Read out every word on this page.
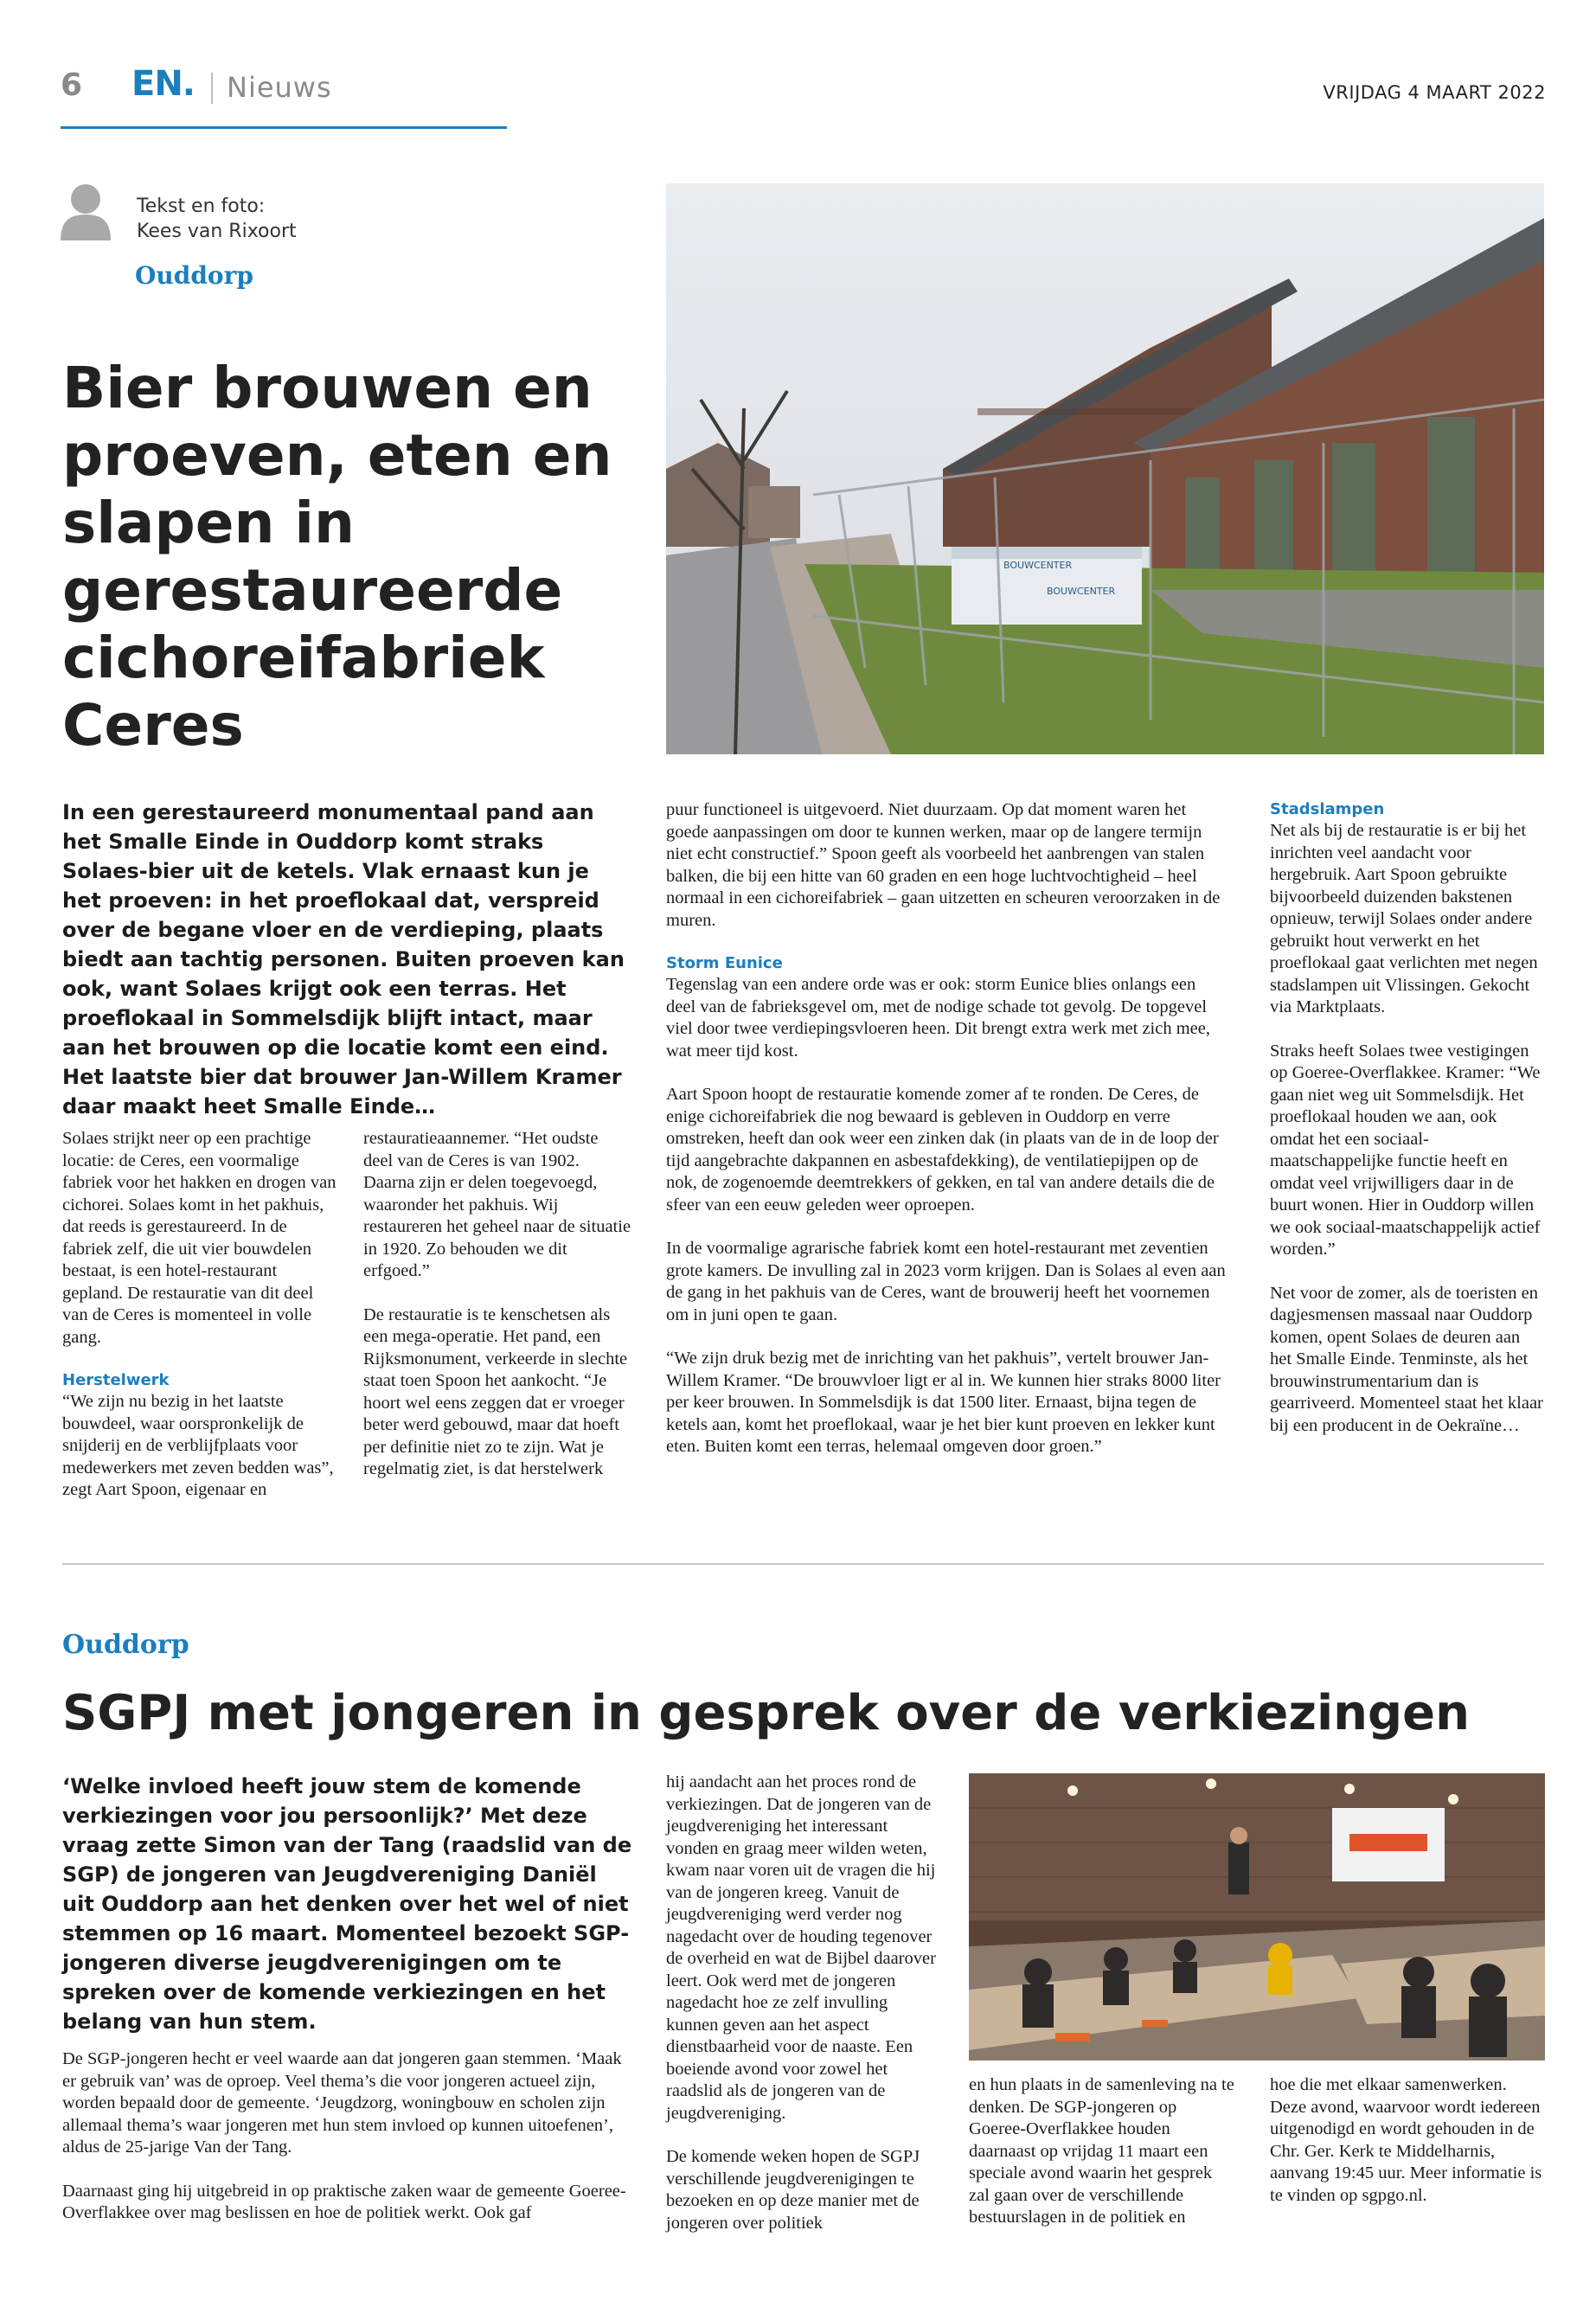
6 EN. Nieuws	VRIJDAG 4 MAART 2022
Tekst en foto:
Kees van Rixoort
Ouddorp
Bier brouwen en proeven, eten en slapen in gerestaureerde cichoreifabriek Ceres
BOUWCENTER
BOUWCENTER
In een gerestaureerd monumentaal pand aan het Smalle Einde in Ouddorp komt straks Solaes-bier uit de ketels. Vlak ernaast kun je het proeven: in het proeflokaal dat, verspreid over de begane vloer en de verdieping, plaats biedt aan tachtig personen. Buiten proeven kan ook, want Solaes krijgt ook een terras. Het proeflokaal in Sommelsdijk blijft intact, maar aan het brouwen op die locatie komt een eind. Het laatste bier dat brouwer Jan-Willem Kramer daar maakt heet Smalle Einde…

Solaes strijkt neer op een prachtige locatie: de Ceres, een voormalige fabriek voor het hakken en drogen van cichorei. Solaes komt in het pakhuis, dat reeds is gerestaureerd. In de fabriek zelf, die uit vier bouwdelen bestaat, is een hotel-restaurant gepland. De restauratie van dit deel van de Ceres is momenteel in volle gang.

Herstelwerk

“We zijn nu bezig in het laatste bouwdeel, waar oorspronkelijk de snijderij en de verblijfplaats voor medewerkers met zeven bedden was”, zegt Aart Spoon, eigenaar en

restauratieaannemer. “Het oudste deel van de Ceres is van 1902. Daarna zijn er delen toegevoegd, waaronder het pakhuis. Wij restaureren het geheel naar de situatie in 1920. Zo behouden we dit erfgoed.”

De restauratie is te kenschetsen als een mega-operatie. Het pand, een Rijksmonument, verkeerde in slechte staat toen Spoon het aankocht. “Je hoort wel eens zeggen dat er vroeger beter werd gebouwd, maar dat hoeft per definitie niet zo te zijn. Wat je regelmatig ziet, is dat herstelwerk

puur functioneel is uitgevoerd. Niet duurzaam. Op dat moment waren het goede aanpassingen om door te kunnen werken, maar op de langere termijn niet echt constructief.” Spoon geeft als voorbeeld het aanbrengen van stalen balken, die bij een hitte van 60 graden en een hoge luchtvochtigheid – heel normaal in een cichoreifabriek – gaan uitzetten en scheuren veroorzaken in de muren.

Storm Eunice

Tegenslag van een andere orde was er ook: storm Eunice blies onlangs een deel van de fabrieksgevel om, met de nodige schade tot gevolg. De topgevel viel door twee verdiepingsvloeren heen. Dit brengt extra werk met zich mee, wat meer tijd kost.

Aart Spoon hoopt de restauratie komende zomer af te ronden. De Ceres, de enige cichoreifabriek die nog bewaard is gebleven in Ouddorp en verre omstreken, heeft dan ook weer een zinken dak (in plaats van de in de loop der tijd aangebrachte dakpannen en asbestafdekking), de ventilatiepijpen op de nok, de zogenoemde deemtrekkers of gekken, en tal van andere details die de sfeer van een eeuw geleden weer oproepen.

In de voormalige agrarische fabriek komt een hotel-restaurant met zeventien grote kamers. De invulling zal in 2023 vorm krijgen. Dan is Solaes al even aan de gang in het pakhuis van de Ceres, want de brouwerij heeft het voornemen om in juni open te gaan.

“We zijn druk bezig met de inrichting van het pakhuis”, vertelt brouwer Jan-Willem Kramer. “De brouwvloer ligt er al in. We kunnen hier straks 8000 liter per keer brouwen. In Sommelsdijk is dat 1500 liter. Ernaast, bijna tegen de ketels aan, komt het proeflokaal, waar je het bier kunt proeven en lekker kunt eten. Buiten komt een terras, helemaal omgeven door groen.”

Stadslampen

Net als bij de restauratie is er bij het inrichten veel aandacht voor hergebruik. Aart Spoon gebruikte bijvoorbeeld duizenden bakstenen opnieuw, terwijl Solaes onder andere gebruikt hout verwerkt en het proeflokaal gaat verlichten met negen stadslampen uit Vlissingen. Gekocht via Marktplaats.

Straks heeft Solaes twee vestigingen op Goeree-Overflakkee. Kramer: “We gaan niet weg uit Sommelsdijk. Het proeflokaal houden we aan, ook omdat het een sociaal-maatschappelijke functie heeft en omdat veel vrijwilligers daar in de buurt wonen. Hier in Ouddorp willen we ook sociaal-maatschappelijk actief worden.”

Net voor de zomer, als de toeristen en dagjesmensen massaal naar Ouddorp komen, opent Solaes de deuren aan het Smalle Einde. Tenminste, als het brouwinstrumentarium dan is gearriveerd. Momenteel staat het klaar bij een producent in de Oekraïne…

Ouddorp
SGPJ met jongeren in gesprek over de verkiezingen
‘Welke invloed heeft jouw stem de komende verkiezingen voor jou persoonlijk?’ Met deze vraag zette Simon van der Tang (raadslid van de SGP) de jongeren van Jeugdvereniging Daniël uit Ouddorp aan het denken over het wel of niet stemmen op 16 maart. Momenteel bezoekt SGP-jongeren diverse jeugdverenigingen om te spreken over de komende verkiezingen en het belang van hun stem.

De SGP-jongeren hecht er veel waarde aan dat jongeren gaan stemmen. ‘Maak er gebruik van’ was de oproep. Veel thema’s die voor jongeren actueel zijn, worden bepaald door de gemeente. ‘Jeugdzorg, woningbouw en scholen zijn allemaal thema’s waar jongeren met hun stem invloed op kunnen uitoefenen’, aldus de 25-jarige Van der Tang.

Daarnaast ging hij uitgebreid in op praktische zaken waar de gemeente Goeree-Overflakkee over mag beslissen en hoe de politiek werkt. Ook gaf

hij aandacht aan het proces rond de verkiezingen. Dat de jongeren van de jeugdvereniging het interessant vonden en graag meer wilden weten, kwam naar voren uit de vragen die hij van de jongeren kreeg. Vanuit de jeugdvereniging werd verder nog nagedacht over de houding tegenover de overheid en wat de Bijbel daarover leert. Ook werd met de jongeren nagedacht hoe ze zelf invulling kunnen geven aan het aspect dienstbaarheid voor de naaste. Een boeiende avond voor zowel het raadslid als de jongeren van de jeugdvereniging.

De komende weken hopen de SGPJ verschillende jeugdverenigingen te bezoeken en op deze manier met de jongeren over politiek

en hun plaats in de samenleving na te denken. De SGP-jongeren op Goeree-Overflakkee houden daarnaast op vrijdag 11 maart een speciale avond waarin het gesprek zal gaan over de verschillende bestuurslagen in de politiek en

hoe die met elkaar samenwerken. Deze avond, waarvoor wordt iedereen uitgenodigd en wordt gehouden in de Chr. Ger. Kerk te Middelharnis, aanvang 19:45 uur. Meer informatie is te vinden op sgpgo.nl.
